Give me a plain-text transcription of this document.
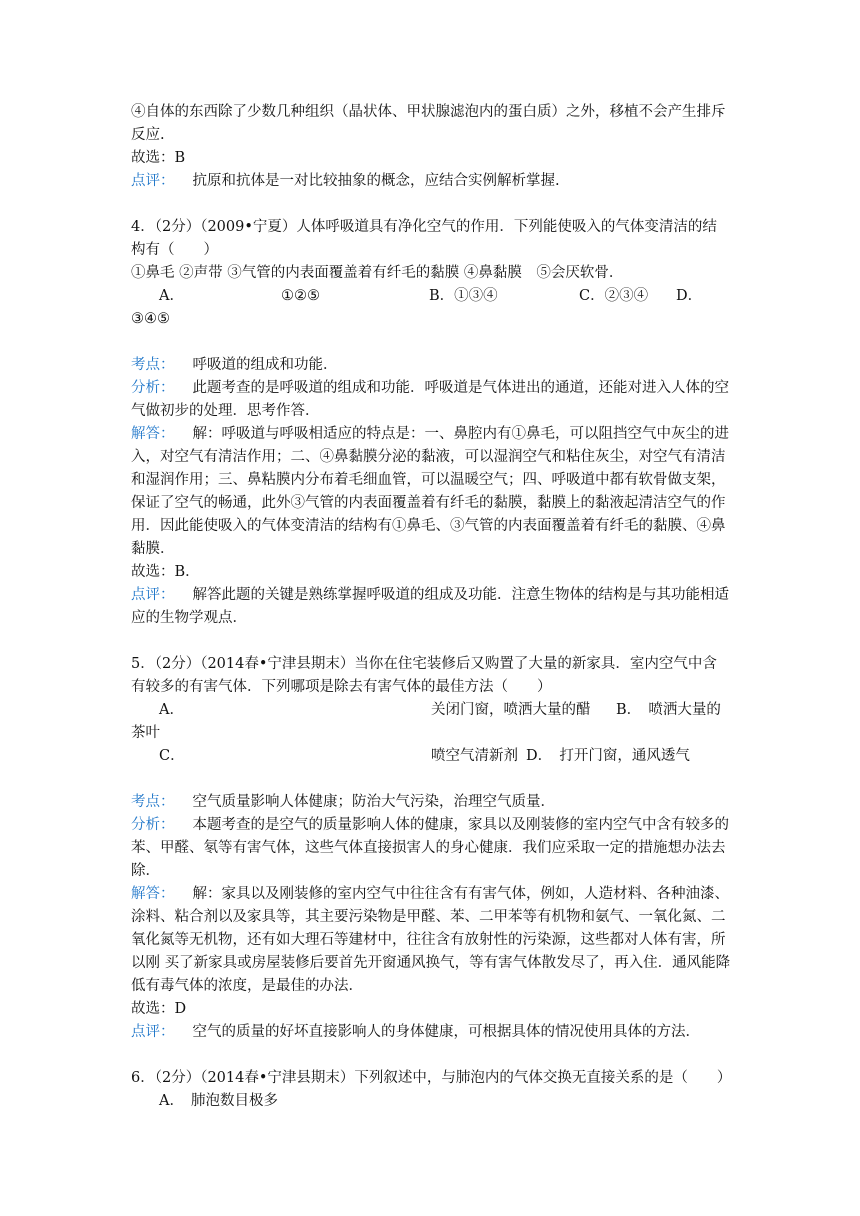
④自体的东西除了少数几种组织（晶状体、甲状腺滤泡内的蛋白质）之外，移植不会产生排斥反应.

故选：B

点评： 抗原和抗体是一对比较抽象的概念，应结合实例解析掌握.

4．（2分）（2009•宁夏）人体呼吸道具有净化空气的作用．下列能使吸入的气体变清洁的结构有（　　）

①鼻毛 ②声带 ③气管的内表面覆盖着有纤毛的黏膜 ④鼻黏膜　⑤会厌软骨．

A．	①②⑤	B．①③④	C．②③④ D．

③④⑤

考点： 呼吸道的组成和功能．

分析： 此题考查的是呼吸道的组成和功能．呼吸道是气体进出的通道，还能对进入人体的空气做初步的处理．思考作答．

解答： 解：呼吸道与呼吸相适应的特点是：一、鼻腔内有①鼻毛，可以阻挡空气中灰尘的进入，对空气有清洁作用；二、④鼻黏膜分泌的黏液，可以湿润空气和粘住灰尘，对空气有清洁和湿润作用；三、鼻粘膜内分布着毛细血管，可以温暖空气；四、呼吸道中都有软骨做支架，保证了空气的畅通，此外③气管的内表面覆盖着有纤毛的黏膜，黏膜上的黏液起清洁空气的作用．因此能使吸入的气体变清洁的结构有①鼻毛、③气管的内表面覆盖着有纤毛的黏膜、④鼻黏膜．

故选：B．

点评： 解答此题的关键是熟练掌握呼吸道的组成及功能．注意生物体的结构是与其功能相适应的生物学观点．

5．（2分）（2014春•宁津县期末）当你在住宅装修后又购置了大量的新家具．室内空气中含有较多的有害气体．下列哪项是除去有害气体的最佳方法（　　）

A．	关闭门窗，喷洒大量的醋 B．　喷洒大量的

茶叶

C．	喷空气清新剂 D．　打开门窗，通风透气

考点： 空气质量影响人体健康；防治大气污染，治理空气质量．

分析： 本题考查的是空气的质量影响人体的健康，家具以及刚装修的室内空气中含有较多的苯、甲醛、氡等有害气体，这些气体直接损害人的身心健康．我们应采取一定的措施想办法去除．

解答： 解：家具以及刚装修的室内空气中往往含有有害气体，例如，人造材料、各种油漆、涂料、粘合剂以及家具等，其主要污染物是甲醛、苯、二甲苯等有机物和氨气、一氧化氮、二氧化氮等无机物，还有如大理石等建材中，往往含有放射性的污染源，这些都对人体有害，所以刚 买了新家具或房屋装修后要首先开窗通风换气，等有害气体散发尽了，再入住．通风能降低有毒气体的浓度，是最佳的办法．

故选：D

点评： 空气的质量的好坏直接影响人的身体健康，可根据具体的情况使用具体的方法．

6．（2分）（2014春•宁津县期末）下列叙述中，与肺泡内的气体交换无直接关系的是（　　）

A． 肺泡数目极多
